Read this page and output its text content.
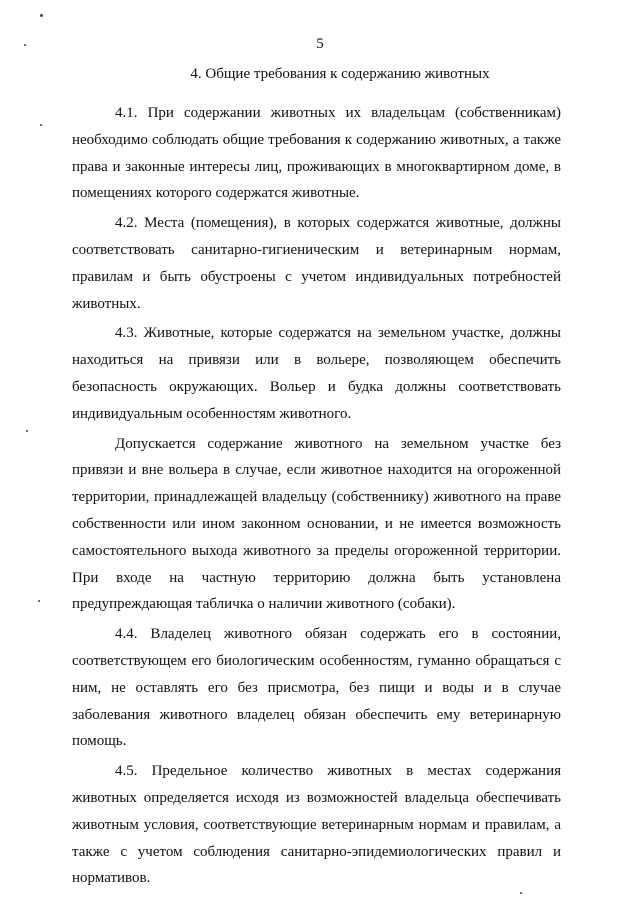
5
4. Общие требования к содержанию животных

4.1. При содержании животных их владельцам (собственникам) необходимо соблюдать общие требования к содержанию животных, а также права и законные интересы лиц, проживающих в многоквартирном доме, в помещениях которого содержатся животные.

4.2. Места (помещения), в которых содержатся животные, должны соответствовать санитарно-гигиеническим и ветеринарным нормам, правилам и быть обустроены с учетом индивидуальных потребностей животных.

4.3. Животные, которые содержатся на земельном участке, должны находиться на привязи или в вольере, позволяющем обеспечить безопасность окружающих. Вольер и будка должны соответствовать индивидуальным особенностям животного.

Допускается содержание животного на земельном участке без привязи и вне вольера в случае, если животное находится на огороженной территории, принадлежащей владельцу (собственнику) животного на праве собственности или ином законном основании, и не имеется возможность самостоятельного выхода животного за пределы огороженной территории. При входе на частную территорию должна быть установлена предупреждающая табличка о наличии животного (собаки).

4.4. Владелец животного обязан содержать его в состоянии, соответствующем его биологическим особенностям, гуманно обращаться с ним, не оставлять его без присмотра, без пищи и воды и в случае заболевания животного владелец обязан обеспечить ему ветеринарную помощь.

4.5. Предельное количество животных в местах содержания животных определяется исходя из возможностей владельца обеспечивать животным условия, соответствующие ветеринарным нормам и правилам, а также с учетом соблюдения санитарно-эпидемиологических правил и нормативов.
